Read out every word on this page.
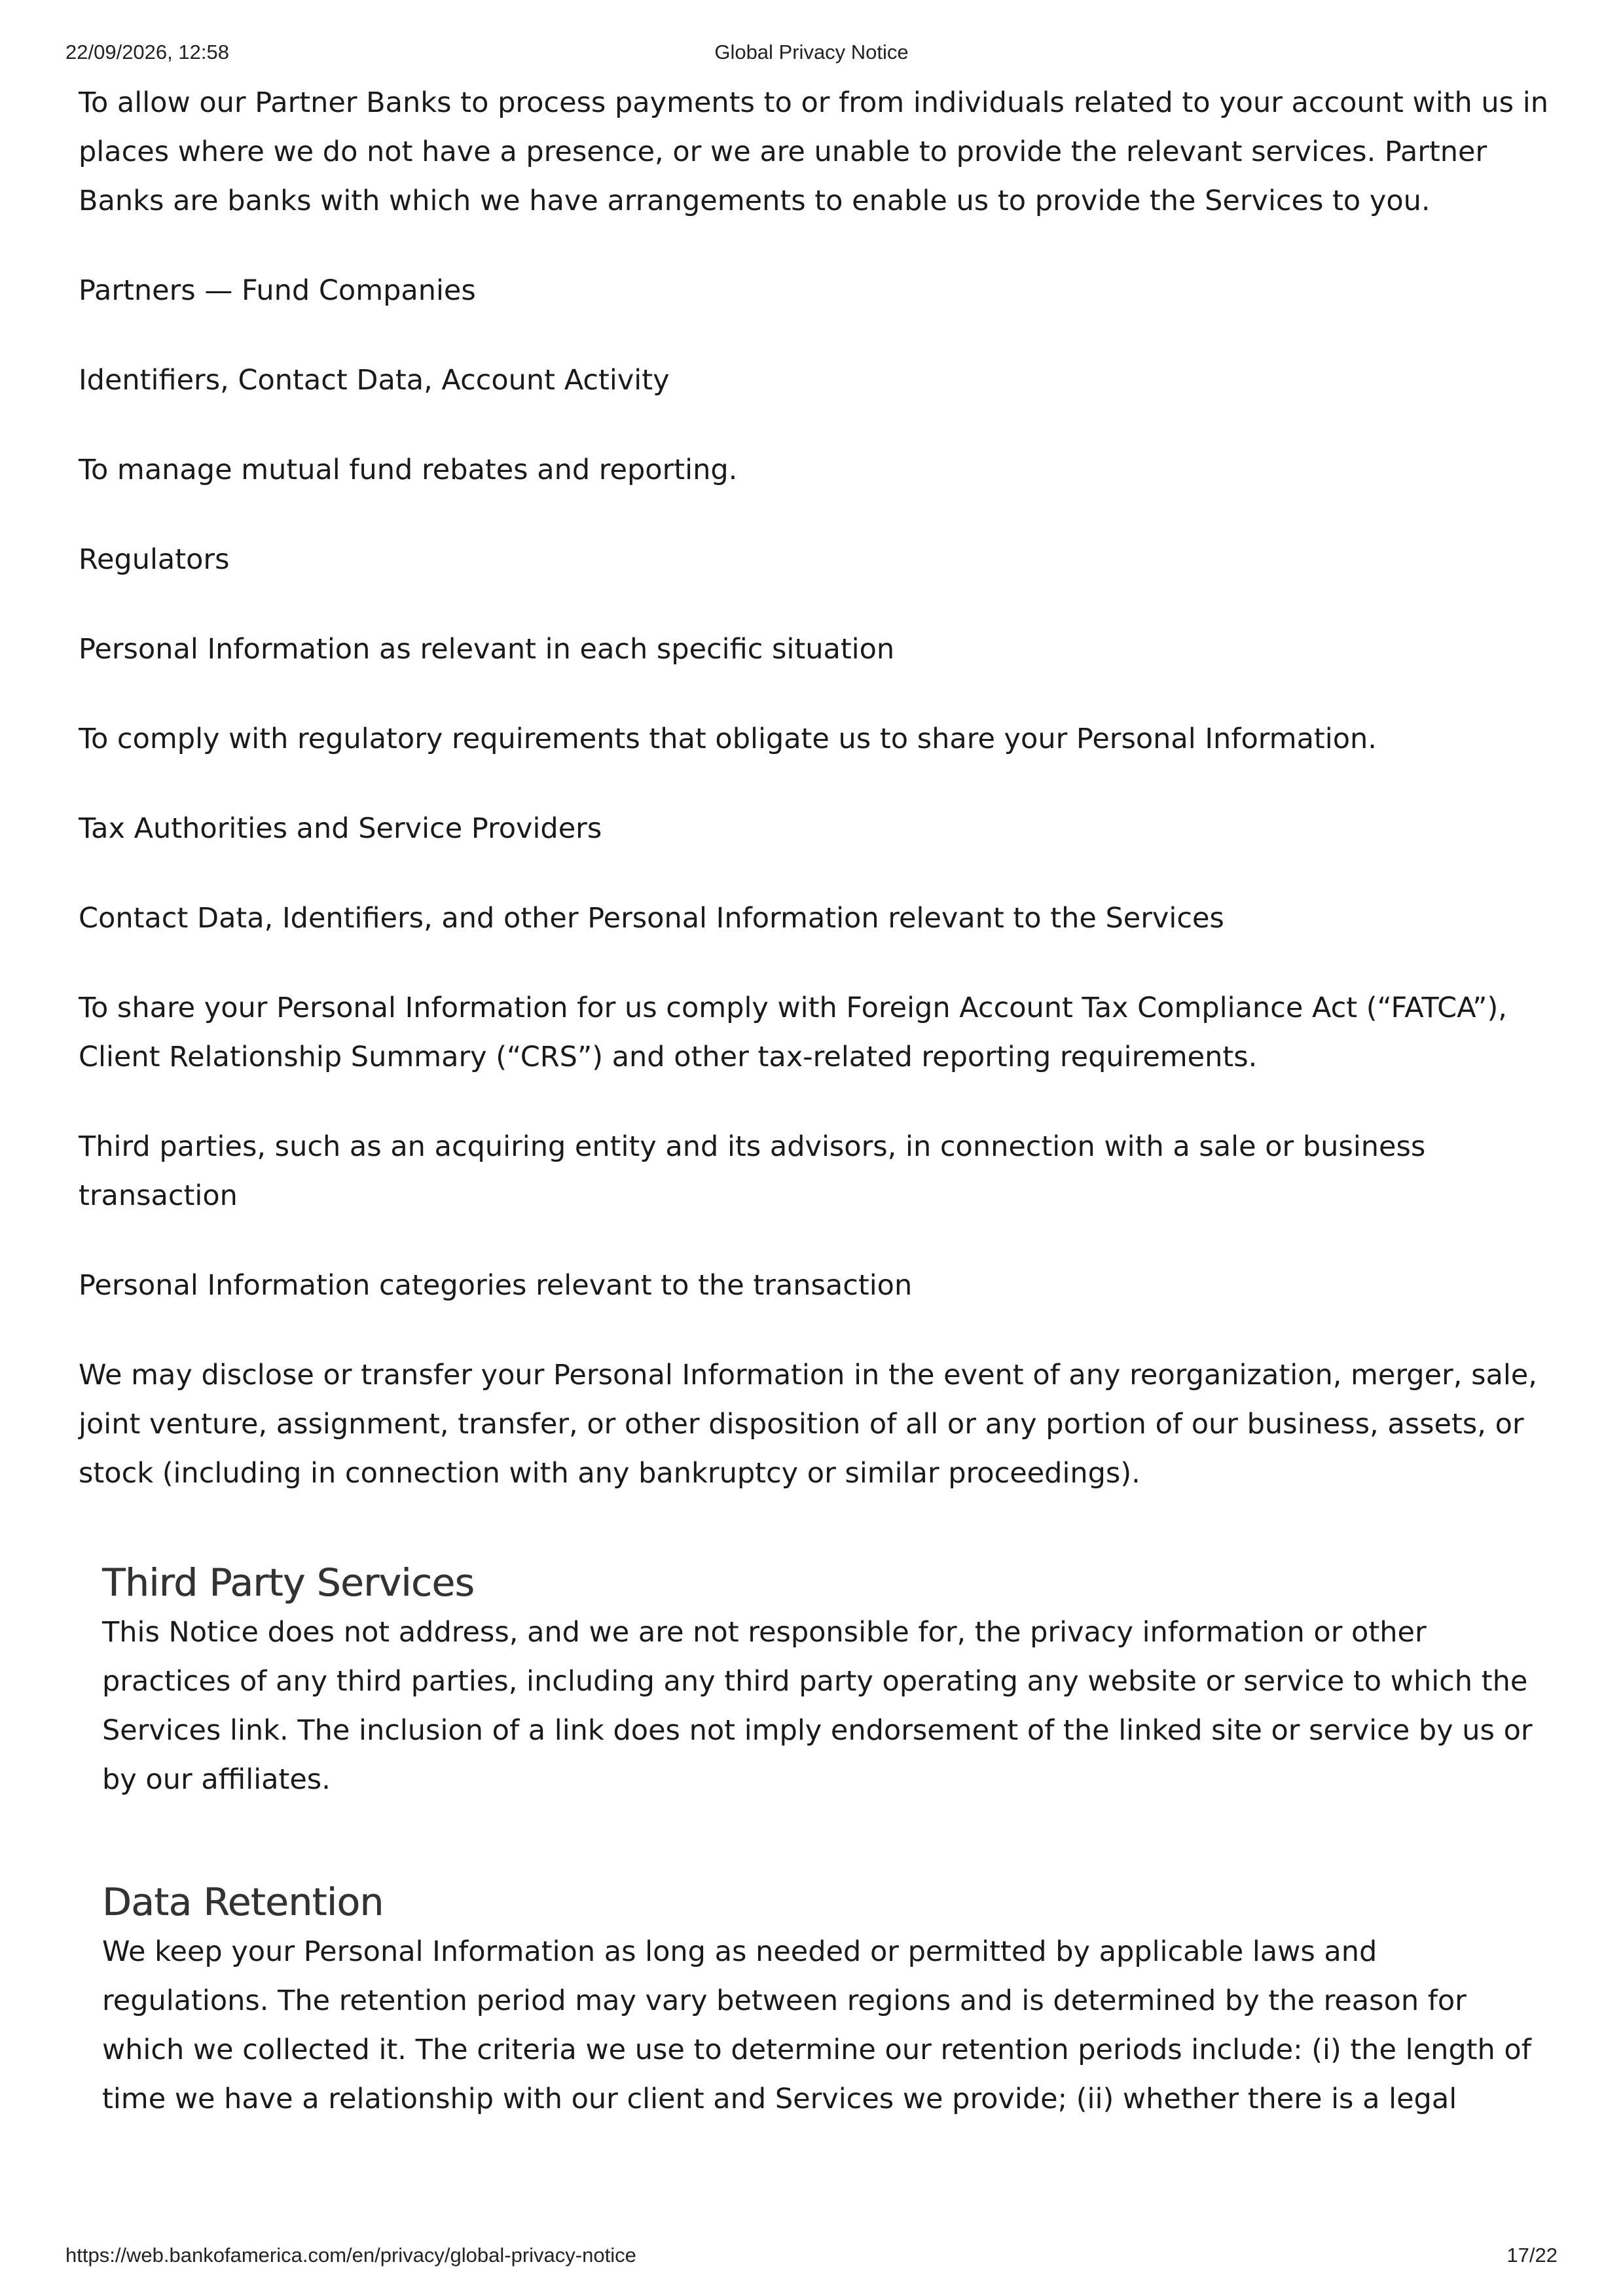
22/09/2026, 12:58	Global Privacy Notice

To allow our Partner Banks to process payments to or from individuals related to your account with us in places where we do not have a presence, or we are unable to provide the relevant services. Partner Banks are banks with which we have arrangements to enable us to provide the Services to you.

Partners — Fund Companies

Identifiers, Contact Data, Account Activity

To manage mutual fund rebates and reporting.

Regulators

Personal Information as relevant in each specific situation

To comply with regulatory requirements that obligate us to share your Personal Information.

Tax Authorities and Service Providers

Contact Data, Identifiers, and other Personal Information relevant to the Services

To share your Personal Information for us comply with Foreign Account Tax Compliance Act (“FATCA”), Client Relationship Summary (“CRS”) and other tax-related reporting requirements.

Third parties, such as an acquiring entity and its advisors, in connection with a sale or business transaction

Personal Information categories relevant to the transaction

We may disclose or transfer your Personal Information in the event of any reorganization, merger, sale, joint venture, assignment, transfer, or other disposition of all or any portion of our business, assets, or stock (including in connection with any bankruptcy or similar proceedings).

Third Party Services

This Notice does not address, and we are not responsible for, the privacy information or other practices of any third parties, including any third party operating any website or service to which the Services link. The inclusion of a link does not imply endorsement of the linked site or service by us or by our affiliates.

Data Retention

We keep your Personal Information as long as needed or permitted by applicable laws and regulations. The retention period may vary between regions and is determined by the reason for which we collected it. The criteria we use to determine our retention periods include: (i) the length of time we have a relationship with our client and Services we provide; (ii) whether there is a legal

https://web.bankofamerica.com/en/privacy/global-privacy-notice	17/22
